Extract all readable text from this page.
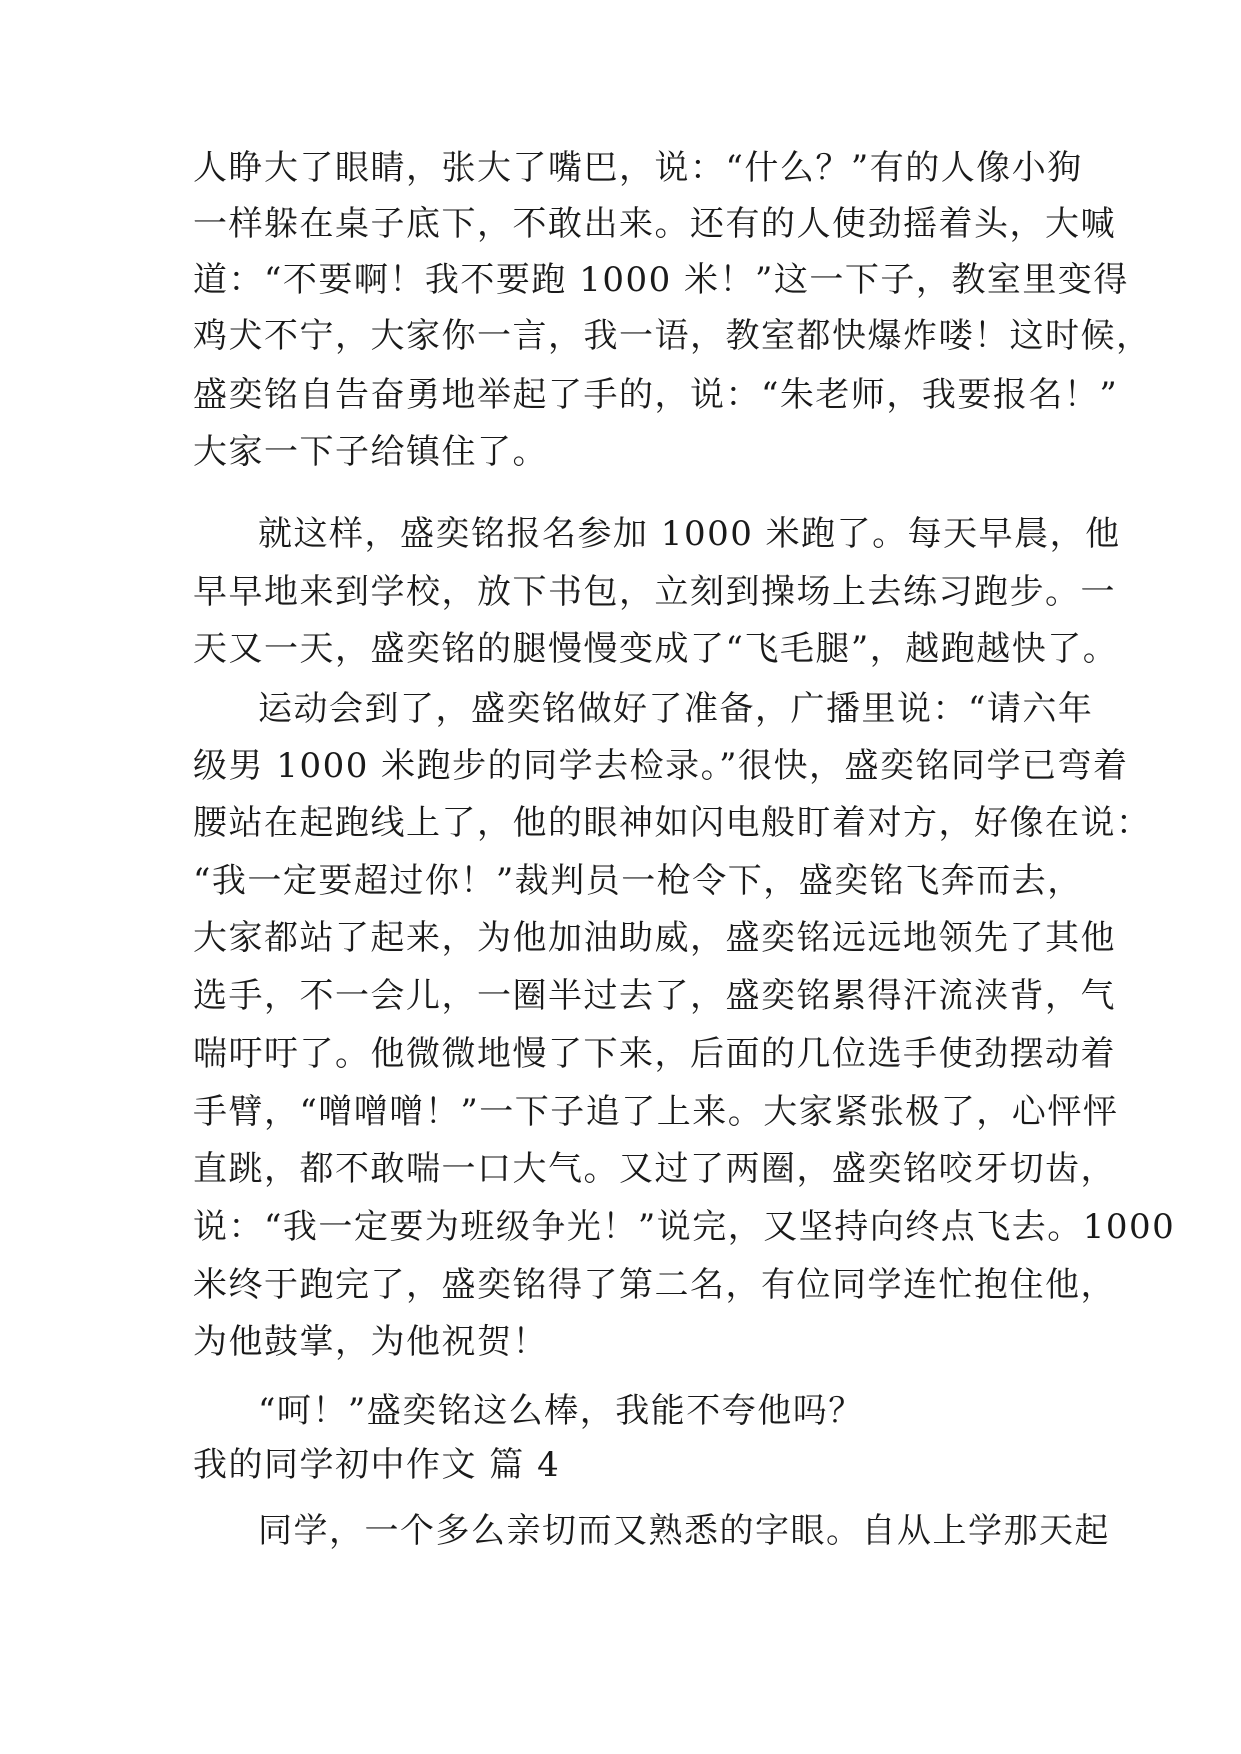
人睁大了眼睛，张大了嘴巴，说：“什么？”有的人像小狗
一样躲在桌子底下，不敢出来。还有的人使劲摇着头，大喊
道：“不要啊！我不要跑 1000 米！”这一下子，教室里变得
鸡犬不宁，大家你一言，我一语，教室都快爆炸喽！这时候，
盛奕铭自告奋勇地举起了手的，说：“朱老师，我要报名！”
大家一下子给镇住了。
就这样，盛奕铭报名参加 1000 米跑了。每天早晨，他
早早地来到学校，放下书包，立刻到操场上去练习跑步。一
天又一天，盛奕铭的腿慢慢变成了“飞毛腿”，越跑越快了。
运动会到了，盛奕铭做好了准备，广播里说：“请六年
级男 1000 米跑步的同学去检录。”很快，盛奕铭同学已弯着
腰站在起跑线上了，他的眼神如闪电般盯着对方，好像在说：
“我一定要超过你！”裁判员一枪令下，盛奕铭飞奔而去，
大家都站了起来，为他加油助威，盛奕铭远远地领先了其他
选手，不一会儿，一圈半过去了，盛奕铭累得汗流浃背，气
喘吁吁了。他微微地慢了下来，后面的几位选手使劲摆动着
手臂，“噌噌噌！”一下子追了上来。大家紧张极了，心怦怦
直跳，都不敢喘一口大气。又过了两圈，盛奕铭咬牙切齿，
说：“我一定要为班级争光！”说完，又坚持向终点飞去。1000
米终于跑完了，盛奕铭得了第二名，有位同学连忙抱住他，
为他鼓掌，为他祝贺！
“呵！”盛奕铭这么棒，我能不夸他吗？
我的同学初中作文 篇 4
同学，一个多么亲切而又熟悉的字眼。自从上学那天起
